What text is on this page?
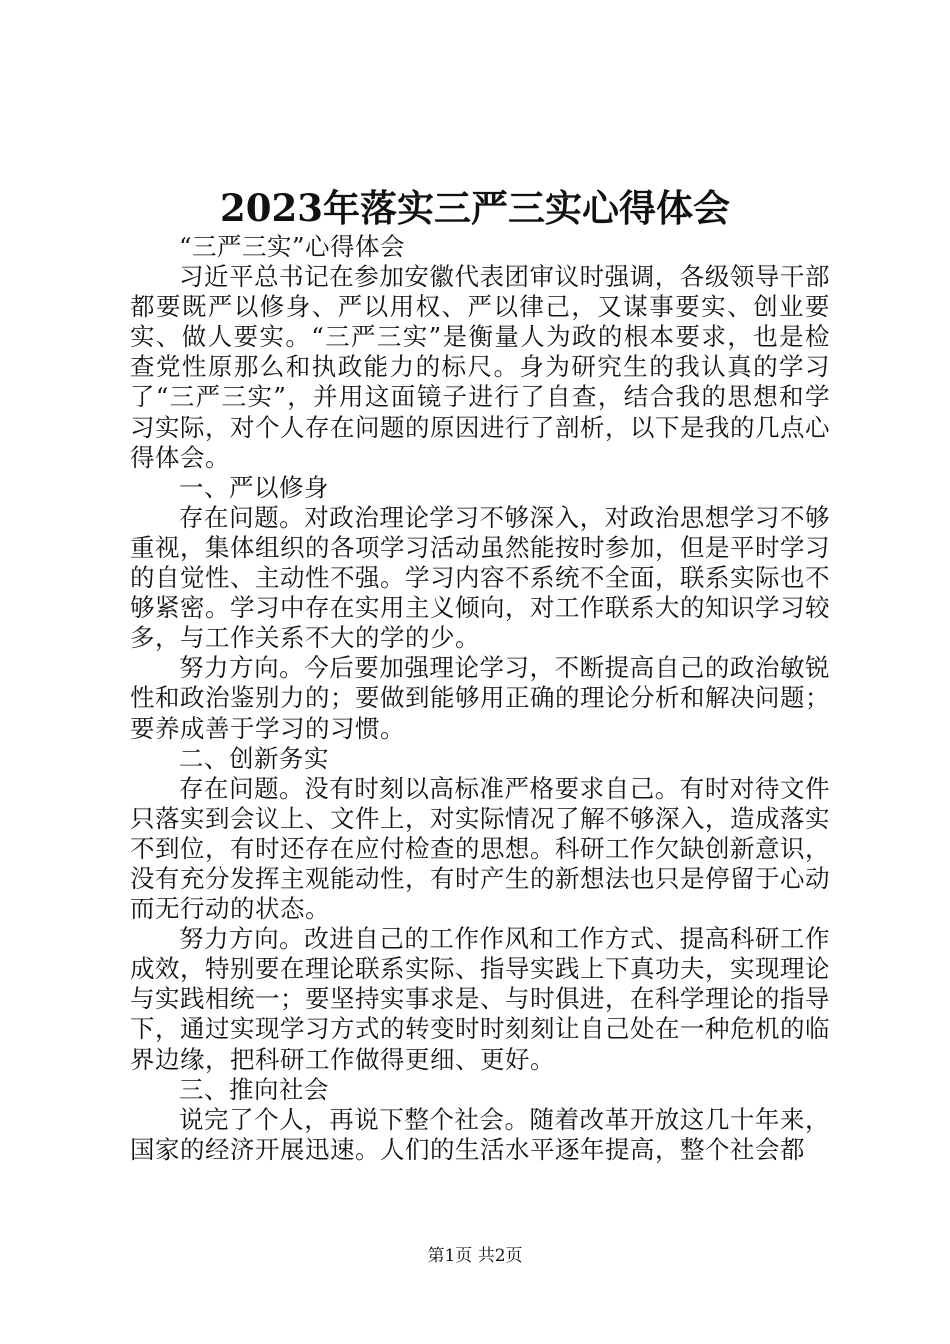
2023年落实三严三实心得体会

“三严三实”心得体会

习近平总书记在参加安徽代表团审议时强调，各级领导干部都要既严以修身、严以用权、严以律己，又谋事要实、创业要实、做人要实。“三严三实”是衡量人为政的根本要求，也是检查党性原那么和执政能力的标尺。身为研究生的我认真的学习了“三严三实”，并用这面镜子进行了自查，结合我的思想和学习实际，对个人存在问题的原因进行了剖析，以下是我的几点心得体会。

一、严以修身

存在问题。对政治理论学习不够深入，对政治思想学习不够重视，集体组织的各项学习活动虽然能按时参加，但是平时学习的自觉性、主动性不强。学习内容不系统不全面，联系实际也不够紧密。学习中存在实用主义倾向，对工作联系大的知识学习较多，与工作关系不大的学的少。

努力方向。今后要加强理论学习，不断提高自己的政治敏锐性和政治鉴别力的；要做到能够用正确的理论分析和解决问题；要养成善于学习的习惯。

二、创新务实

存在问题。没有时刻以高标准严格要求自己。有时对待文件只落实到会议上、文件上，对实际情况了解不够深入，造成落实不到位，有时还存在应付检查的思想。科研工作欠缺创新意识，没有充分发挥主观能动性，有时产生的新想法也只是停留于心动而无行动的状态。

努力方向。改进自己的工作作风和工作方式、提高科研工作成效，特别要在理论联系实际、指导实践上下真功夫，实现理论与实践相统一；要坚持实事求是、与时俱进，在科学理论的指导下，通过实现学习方式的转变时时刻刻让自己处在一种危机的临界边缘，把科研工作做得更细、更好。

三、推向社会

说完了个人，再说下整个社会。随着改革开放这几十年来，国家的经济开展迅速。人们的生活水平逐年提高，整个社会都

第1页 共2页
